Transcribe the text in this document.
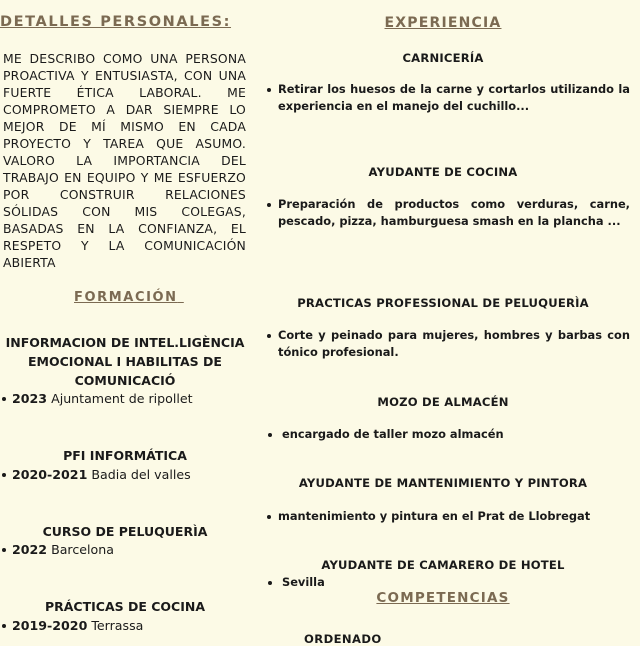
DETALLES PERSONALES:
ME DESCRIBO COMO UNA PERSONA PROACTIVA Y ENTUSIASTA, CON UNA FUERTE ÉTICA LABORAL. ME COMPROMETO A DAR SIEMPRE LO MEJOR DE MÍ MISMO EN CADA PROYECTO Y TAREA QUE ASUMO. VALORO LA IMPORTANCIA DEL TRABAJO EN EQUIPO Y ME ESFUERZO POR CONSTRUIR RELACIONES SÓLIDAS CON MIS COLEGAS, BASADAS EN LA CONFIANZA, EL RESPETO Y LA COMUNICACIÓN ABIERTA
FORMACIÓN
INFORMACION DE INTEL.LIGÈNCIA EMOCIONAL I HABILITAS DE COMUNICACIÓ
2023 Ajuntament de ripollet
PFI INFORMÁTICA
2020-2021 Badia del valles
CURSO DE PELUQUERÌA
2022 Barcelona
PRÁCTICAS DE COCINA
2019-2020 Terrassa
EXPERIENCIA
CARNICERÍA
Retirar los huesos de la carne y cortarlos utilizando la experiencia en el manejo del cuchillo...
AYUDANTE DE COCINA
Preparación de productos como verduras, carne, pescado, pizza, hamburguesa smash en la plancha ...
PRACTICAS PROFESSIONAL DE PELUQUERÌA
Corte y peinado para mujeres, hombres y barbas con tónico profesional.
MOZO DE ALMACÉN
encargado de taller mozo almacén
AYUDANTE DE MANTENIMIENTO Y PINTORA
mantenimiento y pintura en el Prat de Llobregat
AYUDANTE DE CAMARERO DE HOTEL
Sevilla
COMPETENCIAS
ORDENADO
